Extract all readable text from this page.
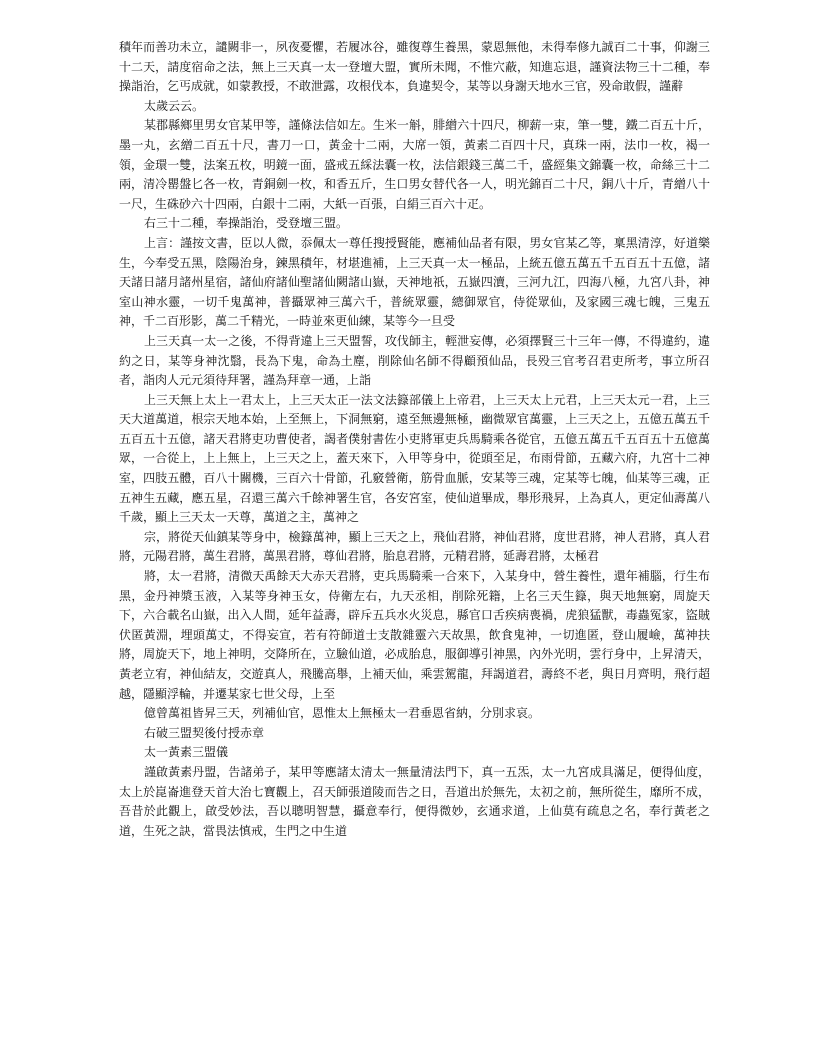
積年而善功未立，譴闕非一，夙夜憂懼，若履冰谷，雖復尊生養黑，蒙恩無他，未得奉修九誠百二十事，仰謝三十二天，請度宿命之法，無上三天真一太一登壇大盟，實所未聞，不惟穴蔽，知進忘退，謹資法物三十二種，奉操詣治，乞丐成就，如蒙教授，不敢泄露，攻根伐本，負違契令，某等以身謝天地水三官，殁命敢假，謹辭

太歲云云。

某郡縣鄉里男女官某甲等，謹條法信如左。生米一斛，腓繒六十四尺，柳薪一束，筆一雙，鐵二百五十斤，墨一丸，玄繒二百五十尺，書刀一口，黃金十二兩，大席一領，黃素二百四十尺，真珠一兩，法巾一枚，褐一領，金環一雙，法案五枚，明鏡一面，盛戒五綵法囊一枚，法信銀錢三萬二千，盛經集文錦囊一枚，命絲三十二兩，清冷罌盤匕各一枚，青銅劍一枚，和香五斤，生口男女替代各一人，明光錦百二十尺，銅八十斤，青繒八十一尺，生硃砂六十四兩，白銀十二兩，大紙一百張，白絹三百六十疋。

右三十二種，奉操詣治，受登壇三盟。

上言：謹按文書，臣以人微，忝佩太一尊任搜授賢能，應補仙品者有限，男女官某乙等，稟黑清淳，好道樂生，今奉受五黑，陰陽治身，鍊黑積年，材堪進補，上三天真一太一極品，上統五億五萬五千五百五十五億，諸天諸日諸月諸州星宿，諸仙府諸仙聖諸仙闕諸山嶽，天神地祇，五嶽四瀆，三河九江，四海八極，九宮八卦，神室山神水靈，一切千鬼萬神，普攝眾神三萬六千，普統眾靈，總御眾官，侍從眾仙，及家國三魂七魄，三鬼五神，千二百形影，萬二千精光，一時並來更仙練，某等今一旦受

上三天真一太一之後，不得背違上三天盟誓，攻伐師主，輕泄妄傳，必須擇賢三十三年一傳，不得違約，違約之日，某等身神沈翳，長為下鬼，命為土塵，削除仙名師不得顧預仙品，長殁三官考召君吏所考，事立所召者，詣肉人元元須待拜署，謹為拜章一通，上詣

上三天無上太上一君太上，上三天太正一法文法籙部儀上上帝君，上三天太上元君，上三天太元一君，上三天大道萬道，根宗天地本始，上至無上，下洞無窮，遠至無邊無極，幽微眾官萬靈，上三天之上，五億五萬五千五百五十五億，諸天君將吏功曹使者，謁者僕射書佐小吏將軍吏兵馬騎乘各從官，五億五萬五千五百五十五億萬眾，一合從上，上上無上，上三天之上，蓋天來下，入甲等身中，從頭至足，布雨骨節，五藏六府，九宮十二神室，四肢五體，百八十關機，三百六十骨節，孔竅營衛，筋骨血脈，安某等三魂，定某等七魄，仙某等三魂，正五神生五藏，應五星，召還三萬六千餘神署生官，各安宮室，使仙道畢成，舉形飛昇，上為真人，更定仙壽萬八千歲，顯上三天太一天尊，萬道之主，萬神之

宗，將從天仙鎮某等身中，檢籙萬神，顯上三天之上，飛仙君將，神仙君將，度世君將，神人君將，真人君將，元陽君將，萬生君將，萬黑君將，尊仙君將，胎息君將，元精君將，延壽君將，太極君

將，太一君將，清微天禹餘天大赤天君將，吏兵馬騎乘一合來下，入某身中，營生養性，還年補腦，行生布黑，金丹神漿玉液，入某等身神玉女，侍衛左右，九天丞相，削除死籍，上名三天生籙，與天地無窮，周旋天下，六合載名山嶽，出入人間，延年益壽，辟斥五兵水火災息，縣官口舌疾病喪禍，虎狼猛獸，毒蟲冤家，盜賊伏匿黃淵，埋頭萬丈，不得妄宣，若有符師道士支散雜靈六天故黑，飲食鬼神，一切進匿，登山履嶮，萬神扶將，周旋天下，地上神明，交降所在，立驗仙道，必成胎息，服御導引神黑，內外光明，雲行身中，上昇清天，黃老立宥，神仙結友，交遊真人，飛騰高舉，上補天仙，乘雲駕龍，拜謁道君，壽終不老，與日月齊明，飛行超越，隱顯浮輪，并遷某家七世父母，上至

億曾萬祖皆昇三天，列補仙官，恩惟太上無極太一君垂恩省納，分別求哀。

右破三盟契後付授赤章

太一黃素三盟儀

謹啟黃素丹盟，告諸弟子，某甲等應諸太清太一無量清法門下，真一五炁，太一九宮成具滿足，便得仙度，太上於崑崙進登天首大治七寶觀上，召天師張道陵而告之日，吾道出於無先，太初之前，無所從生，靡所不成，吾昔於此觀上，啟受妙法，吾以聰明智慧，攝意奉行，便得微妙，玄通求道，上仙莫有疏息之名，奉行黃老之道，生死之訣，當畏法慎戒，生門之中生道
